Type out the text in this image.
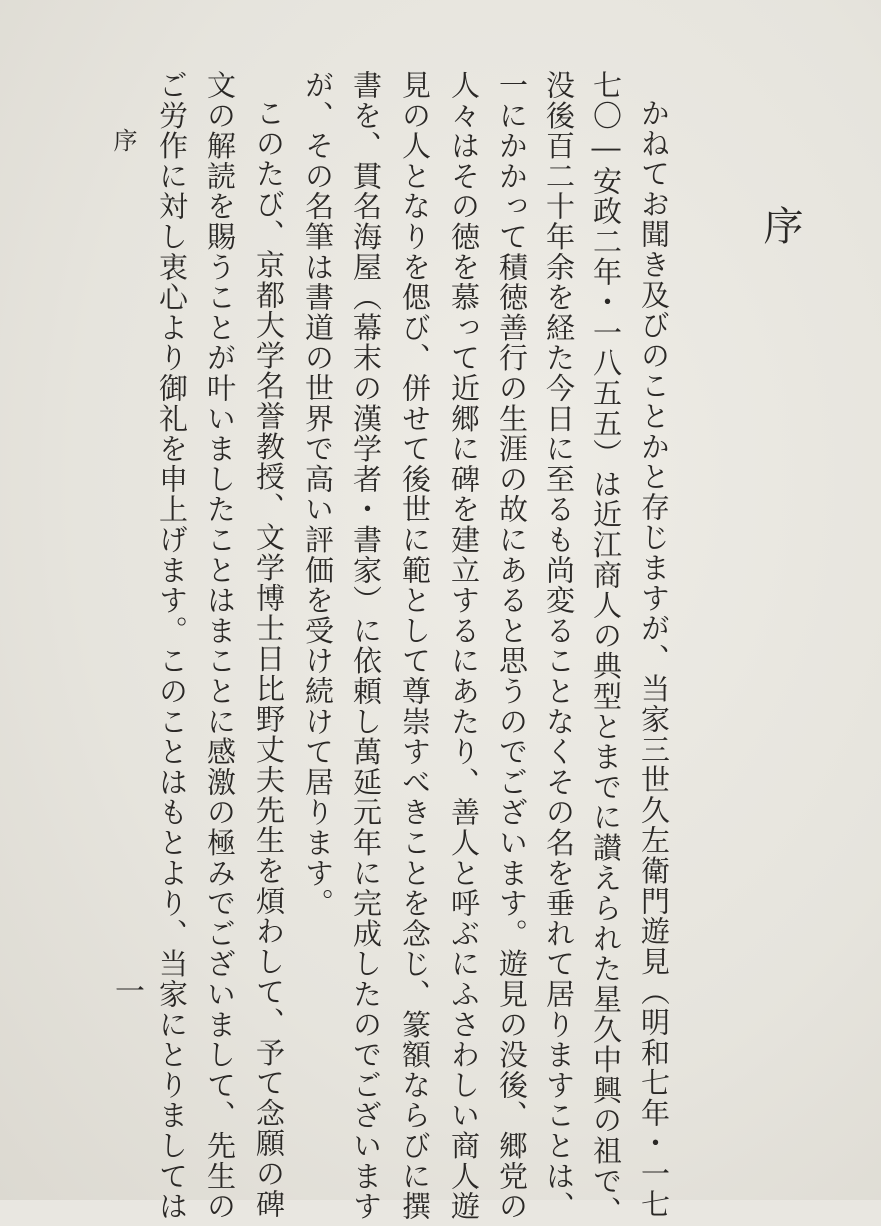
序
かねてお聞き及びのことかと存じますが、当家三世久左衛門遊見（明和七年・一七
七〇―安政二年・一八五五）は近江商人の典型とまでに讃えられた星久中興の祖で、
没後百二十年余を経た今日に至るも尚変ることなくその名を垂れて居りますことは、
一にかかって積徳善行の生涯の故にあると思うのでございます。遊見の没後、郷党の
人々はその徳を慕って近郷に碑を建立するにあたり、善人と呼ぶにふさわしい商人遊
見の人となりを偲び、併せて後世に範として尊崇すべきことを念じ、篆額ならびに撰
書を、貫名海屋（幕末の漢学者・書家）に依頼し萬延元年に完成したのでございます
が、その名筆は書道の世界で高い評価を受け続けて居ります。
このたび、京都大学名誉教授、文学博士日比野丈夫先生を煩わして、予て念願の碑
文の解読を賜うことが叶いましたことはまことに感激の極みでございまして、先生の
ご労作に対し衷心より御礼を申上げます。このことはもとより、当家にとりましては
序
一
